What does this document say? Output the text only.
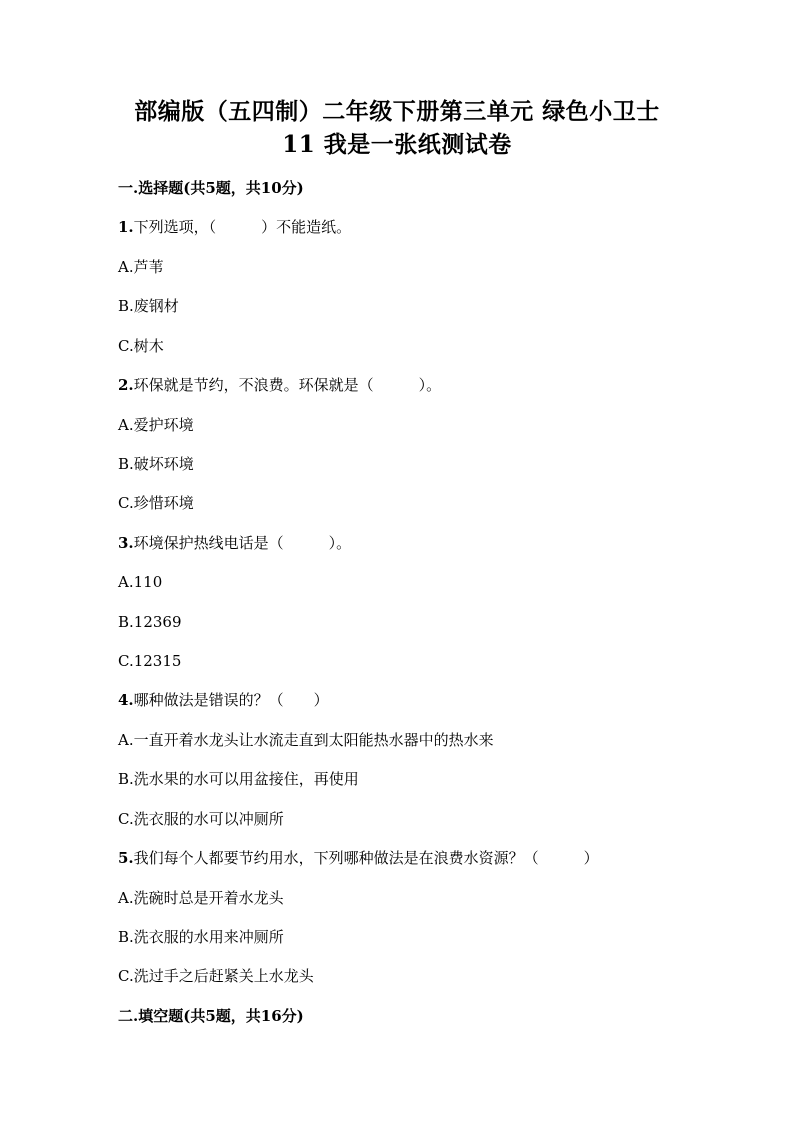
部编版（五四制）二年级下册第三单元 绿色小卫士
11 我是一张纸测试卷
一.选择题(共5题，共10分)
1.下列选项，（　　　）不能造纸。
A.芦苇
B.废钢材
C.树木
2.环保就是节约，不浪费。环保就是（　　　）。
A.爱护环境
B.破坏环境
C.珍惜环境
3.环境保护热线电话是（　　　）。
A.110
B.12369
C.12315
4.哪种做法是错误的？（　　）
A.一直开着水龙头让水流走直到太阳能热水器中的热水来
B.洗水果的水可以用盆接住，再使用
C.洗衣服的水可以冲厕所
5.我们每个人都要节约用水，下列哪种做法是在浪费水资源？（　　　）
A.洗碗时总是开着水龙头
B.洗衣服的水用来冲厕所
C.洗过手之后赶紧关上水龙头
二.填空题(共5题，共16分)
